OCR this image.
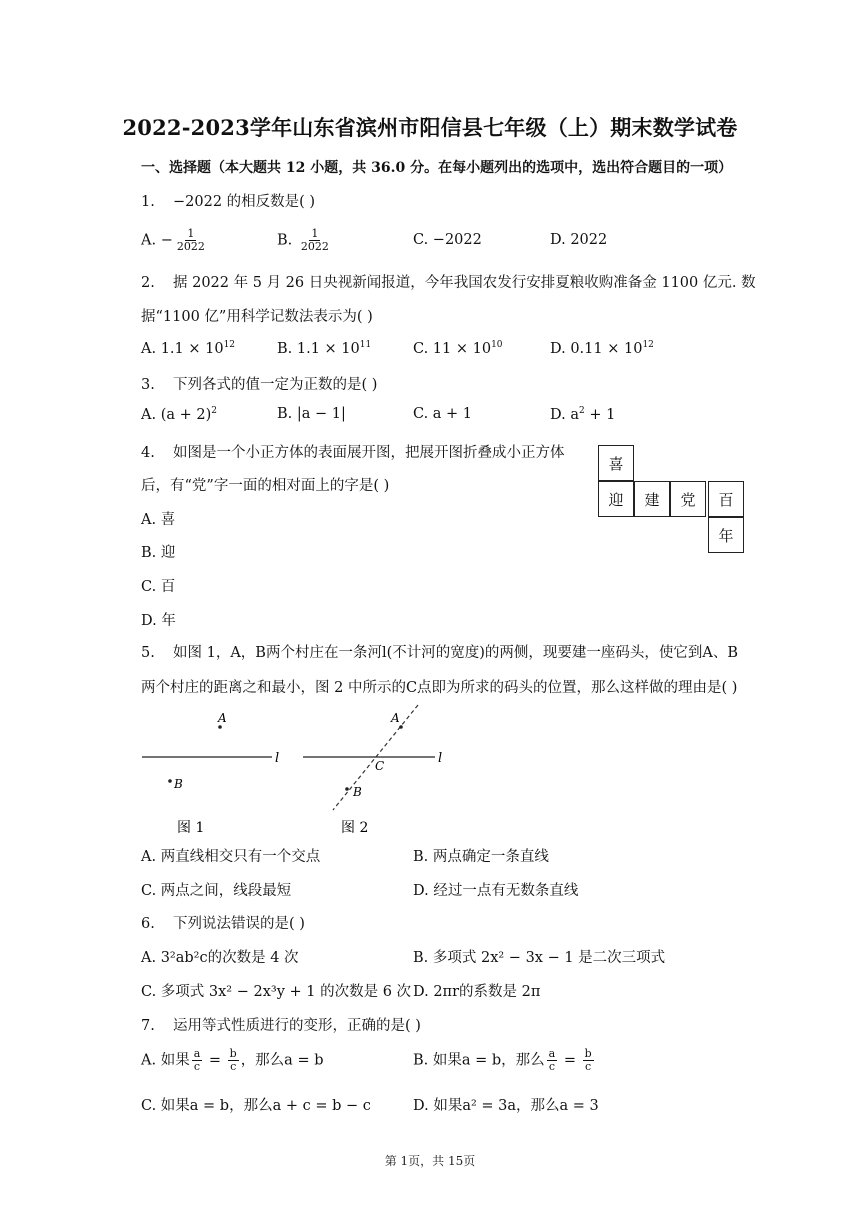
2022-2023学年山东省滨州市阳信县七年级（上）期末数学试卷
一、选择题（本大题共 12 小题，共 36.0 分。在每小题列出的选项中，选出符合题目的一项）
1. −2022 的相反数是( )
A. − $\frac{1}{2022}$	B. $\frac{1}{2022}$	C. −2022	D. 2022
2. 据 2022 年 5 月 26 日央视新闻报道，今年我国农发行安排夏粮收购准备金 1100 亿元. 数
据“1100 亿”用科学记数法表示为( )
A. $1.1 \times 10^{12}$	B. $1.1 \times 10^{11}$	C. $11 \times 10^{10}$	D. $0.11 \times 10^{12}$
3. 下列各式的值一定为正数的是( )
A. $(a + 2)^2$	B. |a − 1|	C. a + 1	D. $a^2 + 1$
4. 如图是一个小正方体的表面展开图，把展开图折叠成小正方体
后，有“党”字一面的相对面上的字是( )
A. 喜
B. 迎
C. 百
D. 年
喜
迎	建	党	百
年
5. 如图 1，A，B两个村庄在一条河l(不计河的宽度)的两侧，现要建一座码头，使它到A、B
两个村庄的距离之和最小，图 2 中所示的C点即为所求的码头的位置，那么这样做的理由是( )
A
B
l
图 1
A
B
C	l
图 2
A. 两直线相交只有一个交点	B. 两点确定一条直线
C. 两点之间，线段最短	D. 经过一点有无数条直线
6. 下列说法错误的是( )
A. 3²ab²c的次数是 4 次	B. 多项式 2x² − 3x − 1 是二次三项式
C. 多项式 3x² − 2x³y + 1 的次数是 6 次 D. 2πr的系数是 2π
7. 运用等式性质进行的变形，正确的是( )
A. 如果 $\frac{a}{c} = \frac{b}{c}$ ，那么a = b	B. 如果a = b，那么 $\frac{a}{c} = \frac{b}{c}$
C. 如果a = b，那么a + c = b − c	D. 如果a² = 3a，那么a = 3
第 1页，共 15页
